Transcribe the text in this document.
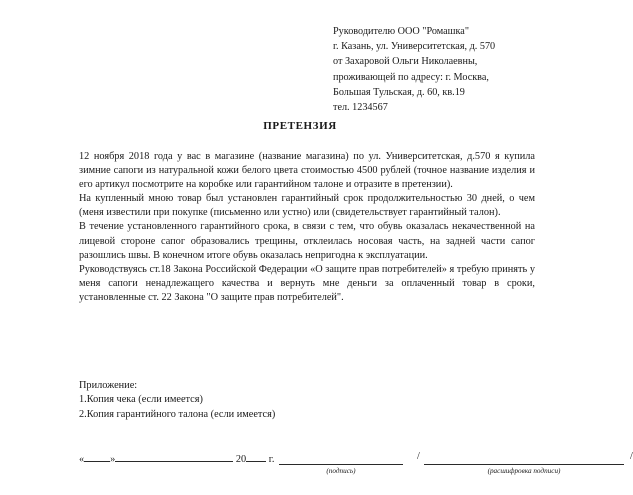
Руководителю ООО "Ромашка"
г. Казань, ул. Университетская, д. 570
от Захаровой Ольги Николаевны,
проживающей по адресу: г. Москва,
Большая Тульская, д. 60, кв.19
тел. 1234567
ПРЕТЕНЗИЯ

12 ноября 2018 года у вас в магазине (название магазина) по ул. Университетская, д.570 я купила зимние сапоги из натуральной кожи белого цвета стоимостью 4500 рублей (точное название изделия и его артикул посмотрите на коробке или гарантийном талоне и отразите в претензии).

На купленный мною товар был установлен гарантийный срок продолжительностью 30 дней, о чем (меня известили при покупке (письменно или устно) или (свидетельствует гарантийный талон).

В течение установленного гарантийного срока, в связи с тем, что обувь оказалась некачественной на лицевой стороне сапог образовались трещины, отклеилась носовая часть, на задней части сапог разошлись швы. В конечном итоге обувь оказалась непригодна к эксплуатации.

Руководствуясь ст.18 Закона Российской Федерации «О защите прав потребителей» я требую принять у меня сапоги ненадлежащего качества и вернуть мне деньги за оплаченный товар в сроки, установленные ст. 22 Закона "О защите прав потребителей".

Приложение:
1.Копия чека (если имеется)
2.Копия гарантийного талона (если имеется)
«	»	20 г.
(подпись)
/
(расшифровка подписи)
/
